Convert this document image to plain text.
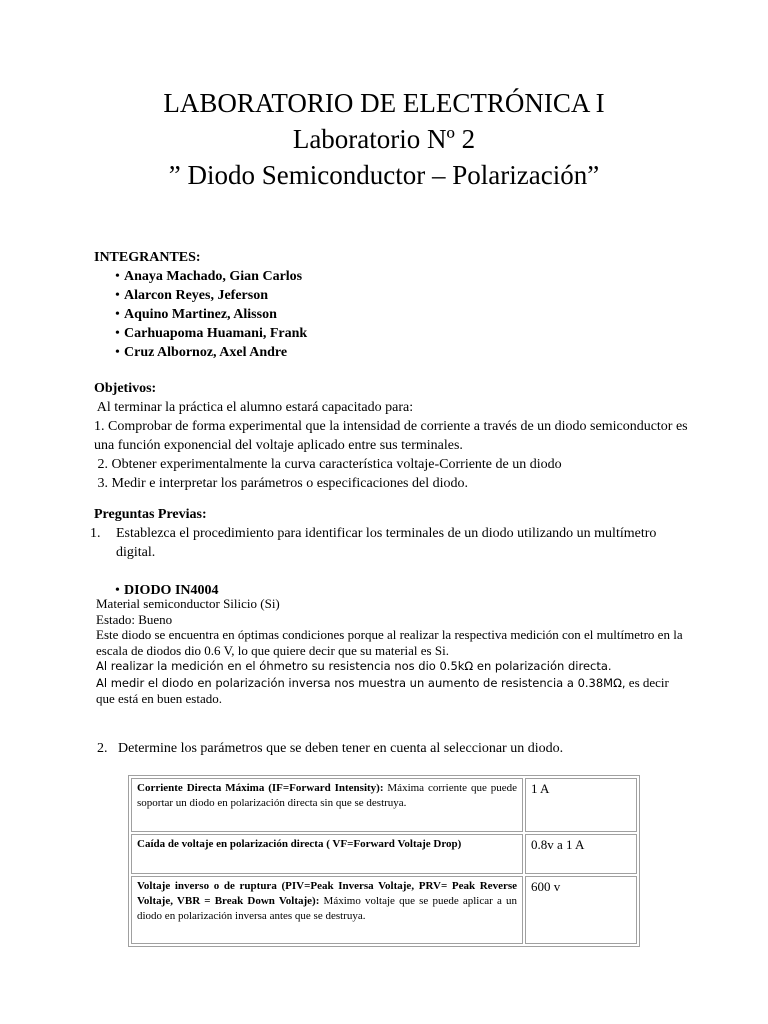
LABORATORIO DE ELECTRÓNICA I
Laboratorio Nº 2
” Diodo Semiconductor – Polarización”
INTEGRANTES:
• Anaya Machado, Gian Carlos
• Alarcon Reyes, Jeferson
• Aquino Martinez, Alisson
• Carhuapoma Huamani, Frank
• Cruz Albornoz, Axel Andre

Objetivos:

Al terminar la práctica el alumno estará capacitado para:

1. Comprobar de forma experimental que la intensidad de corriente a través de un diodo semiconductor es una función exponencial del voltaje aplicado entre sus terminales.

2. Obtener experimentalmente la curva característica voltaje-Corriente de un diodo

3. Medir e interpretar los parámetros o especificaciones del diodo.

Preguntas Previas:

1. Establezca el procedimiento para identificar los terminales de un diodo utilizando un multímetro digital.

• DIODO IN4004

Material semiconductor Silicio (Si)

Estado: Bueno

Este diodo se encuentra en óptimas condiciones porque al realizar la respectiva medición con el multímetro en la escala de diodos dio 0.6 V, lo que quiere decir que su material es Si.

Al realizar la medición en el óhmetro su resistencia nos dio 0.5kΩ en polarización directa.

Al medir el diodo en polarización inversa nos muestra un aumento de resistencia a 0.38MΩ, es decir que está en buen estado.

2. Determine los parámetros que se deben tener en cuenta al seleccionar un diodo.
Corriente Directa Máxima (IF=Forward Intensity): Máxima corriente que puede soportar un diodo en polarización directa sin que se destruya.	1 A
Caída de voltaje en polarización directa ( VF=Forward Voltaje Drop)	0.8v a 1 A
Voltaje inverso o de ruptura (PIV=Peak Inversa Voltaje, PRV= Peak Reverse Voltaje, VBR = Break Down Voltaje): Máximo voltaje que se puede aplicar a un diodo en polarización inversa antes que se destruya.	600 v
